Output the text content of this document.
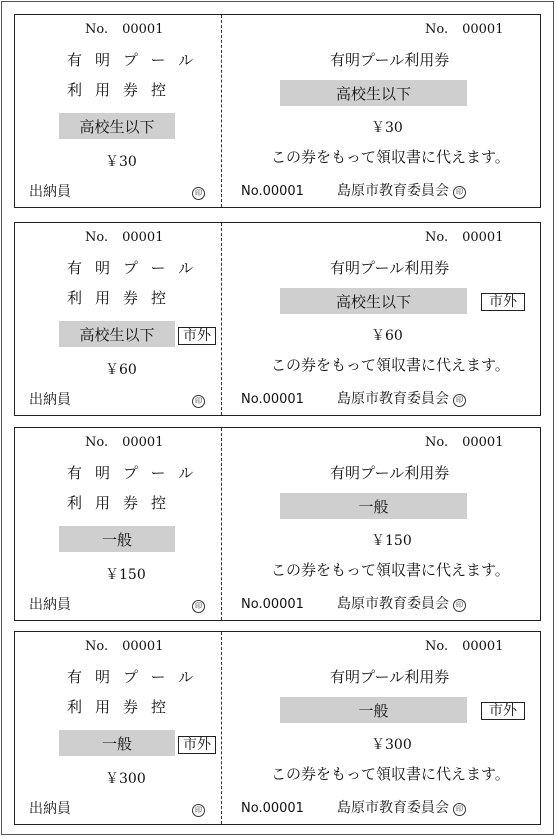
No. 00001
有明プール
利用券控
高校生以下
￥30
出納員	印
No. 00001
有明プール利用券
高校生以下
￥30
この券をもって領収書に代えます。
No.00001 島原市教育委員会	印
No. 00001
有明プール
利用券控
高校生以下	市外
￥60
出納員	印
No. 00001
有明プール利用券
高校生以下	市外
￥60
この券をもって領収書に代えます。
No.00001 島原市教育委員会	印
No. 00001
有明プール
利用券控
一般
￥150
出納員	印
No. 00001
有明プール利用券
一般
￥150
この券をもって領収書に代えます。
No.00001 島原市教育委員会	印
No. 00001
有明プール
利用券控
一般	市外
￥300
出納員	印
No. 00001
有明プール利用券
一般	市外
￥300
この券をもって領収書に代えます。
No.00001 島原市教育委員会	印
